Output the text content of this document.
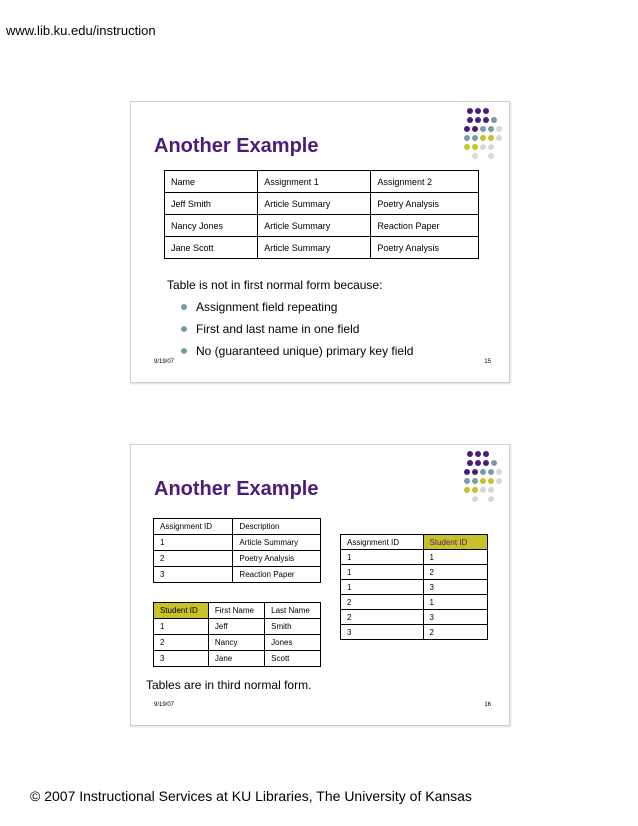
www.lib.ku.edu/instruction
Another Example
Name	Assignment 1	Assignment 2
Jeff Smith	Article Summary	Poetry Analysis
Nancy Jones	Article Summary	Reaction Paper
Jane Scott	Article Summary	Poetry Analysis
Table is not in first normal form because:
Assignment field repeating
First and last name in one field
No (guaranteed unique) primary key field
9/19/07	15
Another Example
Assignment ID	Description
1	Article Summary
2	Poetry Analysis
3	Reaction Paper
Student ID	First Name	Last Name
1	Jeff	Smith
2	Nancy	Jones
3	Jane	Scott
Assignment ID	Student ID
1	1
1	2
1	3
2	1
2	3
3	2
Tables are in third normal form.
9/19/07	16
© 2007 Instructional Services at KU Libraries, The University of Kansas
